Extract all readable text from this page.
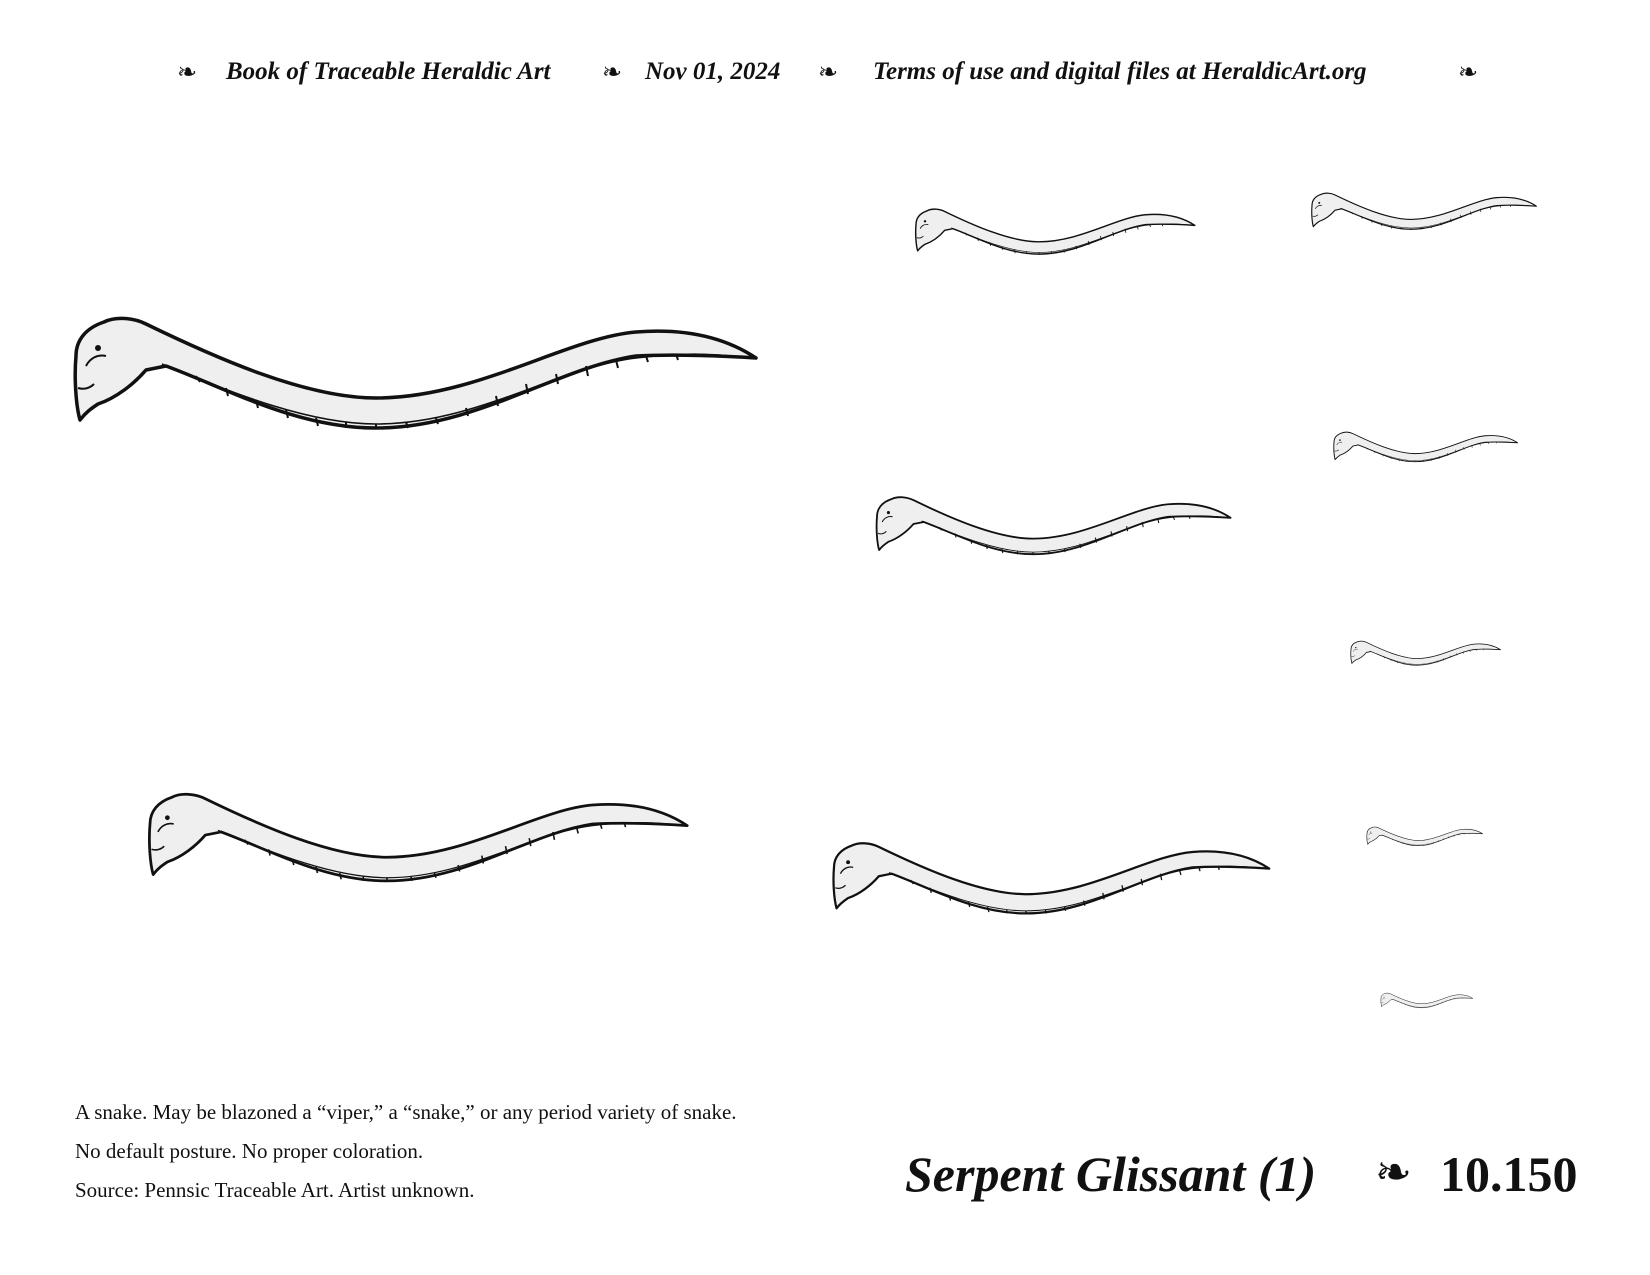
❧ Book of Traceable Heraldic Art ❧ Nov 01, 2024 ❧ Terms of use and digital files at HeraldicArt.org	❧
A snake. May be blazoned a “viper,” a “snake,” or any period variety of snake.
No default posture. No proper coloration.
Source: Pennsic Traceable Art. Artist unknown.	Serpent Glissant (1) ❧ 10.150
